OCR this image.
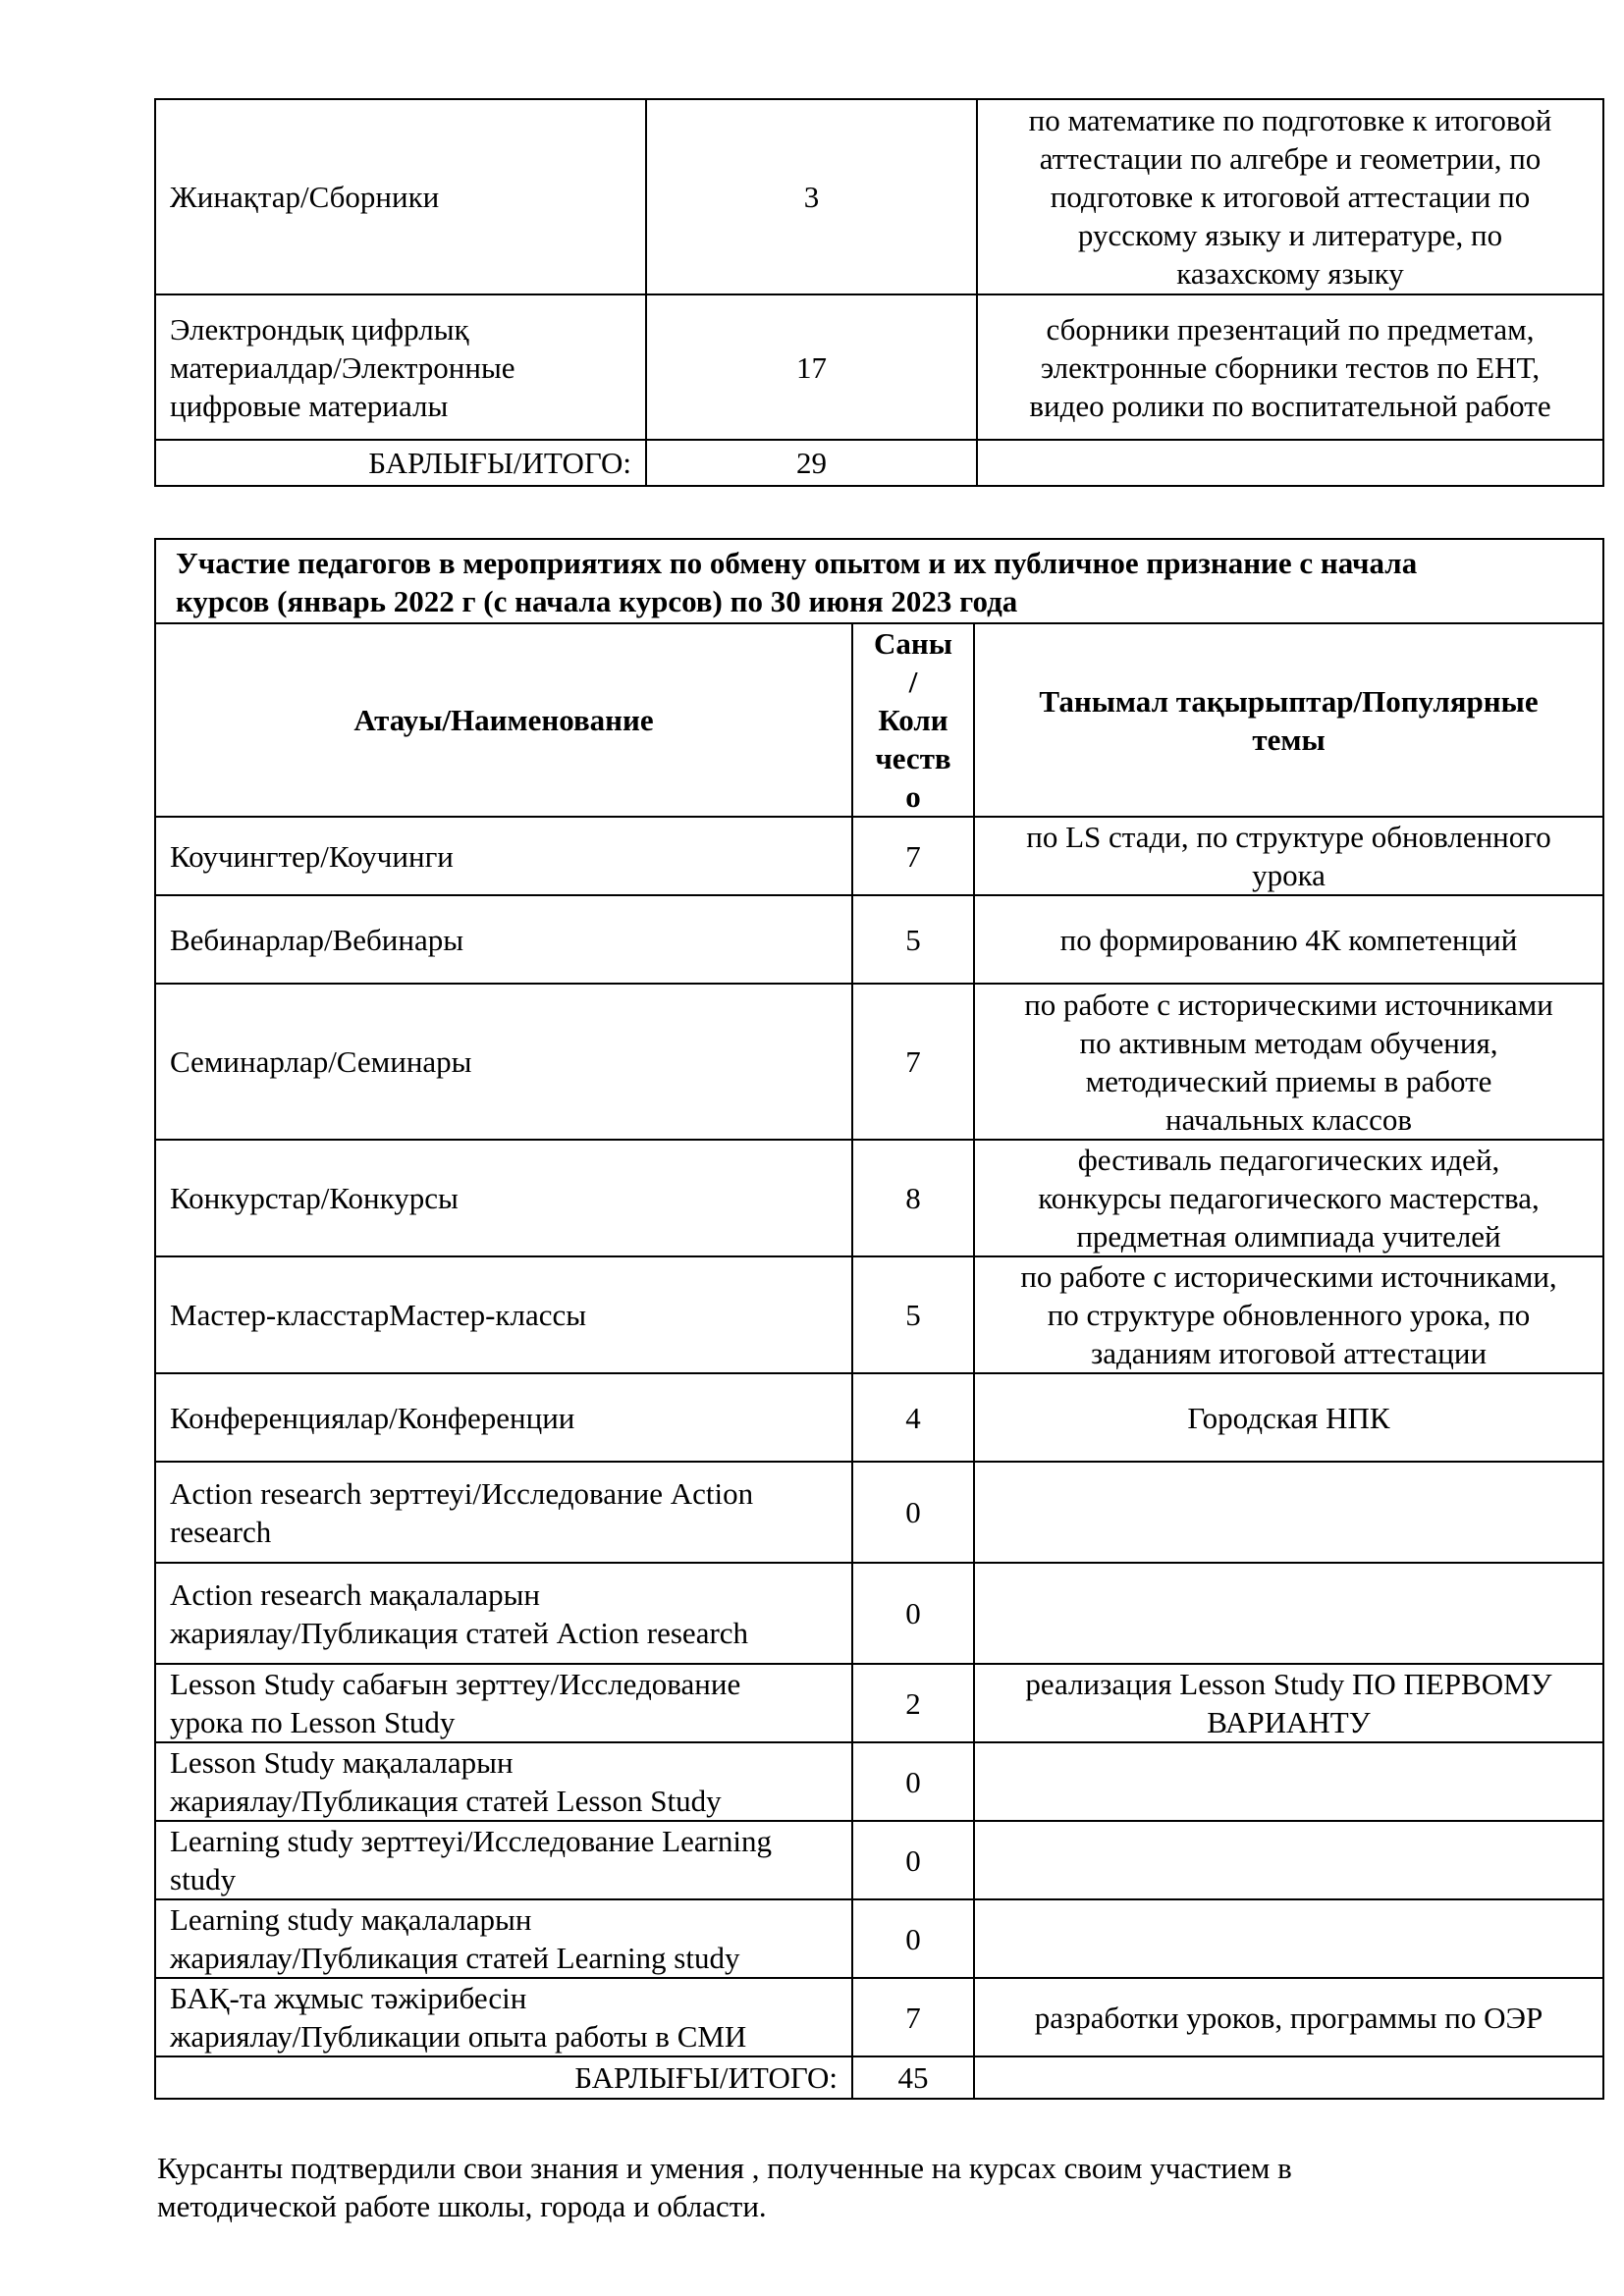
Жинақтар/Сборники	3	по математике по подготовке к итоговой
аттестации по алгебре и геометрии, по
подготовке к итоговой аттестации по
русскому языку и литературе, по
казахскому языку
Электрондық цифрлық
материалдар/Электронные
цифровые материалы	17	сборники презентаций по предметам,
электронные сборники тестов по ЕНТ,
видео ролики по воспитательной работе
БАРЛЫҒЫ/ИТОГО:	29	
Участие педагогов в мероприятиях по обмену опытом и их публичное признание с начала
курсов (январь 2022 г (с начала курсов) по 30 июня 2023 года		
Атауы/Наименование	Саны
/
Коли
честв
о	Танымал тақырыптар/Популярные
темы
Коучингтер/Коучинги	7	по LS стади, по структуре обновленного
урока
Вебинарлар/Вебинары	5	по формированию 4К компетенций
Семинарлар/Семинары	7	по работе с историческими источниками
по активным методам обучения,
методический приемы в работе
начальных классов
Конкурстар/Конкурсы	8	фестиваль педагогических идей,
конкурсы педагогического мастерства,
предметная олимпиада учителей
Мастер-класстарМастер-классы	5	по работе с историческими источниками,
по структуре обновленного урока, по
заданиям итоговой аттестации
Конференциялар/Конференции	4	Городская НПК
Action research зерттеуі/Исследование Action
research	0	
Action research мақалаларын
жариялау/Публикация статей Action research	0	
Lesson Study сабағын зерттеу/Исследование
урока по Lesson Study	2	реализация Lesson Study ПО ПЕРВОМУ
ВАРИАНТУ
Lesson Study мақалаларын
жариялау/Публикация статей Lesson Study	0	
Learning study зерттеуі/Исследование Learning
study	0	
Learning study мақалаларын
жариялау/Публикация статей Learning study	0	
БАҚ-та жұмыс тәжірибесін
жариялау/Публикации опыта работы в СМИ	7	разработки уроков, программы по ОЭР
БАРЛЫҒЫ/ИТОГО:	45	

Курсанты подтвердили свои знания и умения , полученные на курсах своим участием в
методической работе школы, города и области.
